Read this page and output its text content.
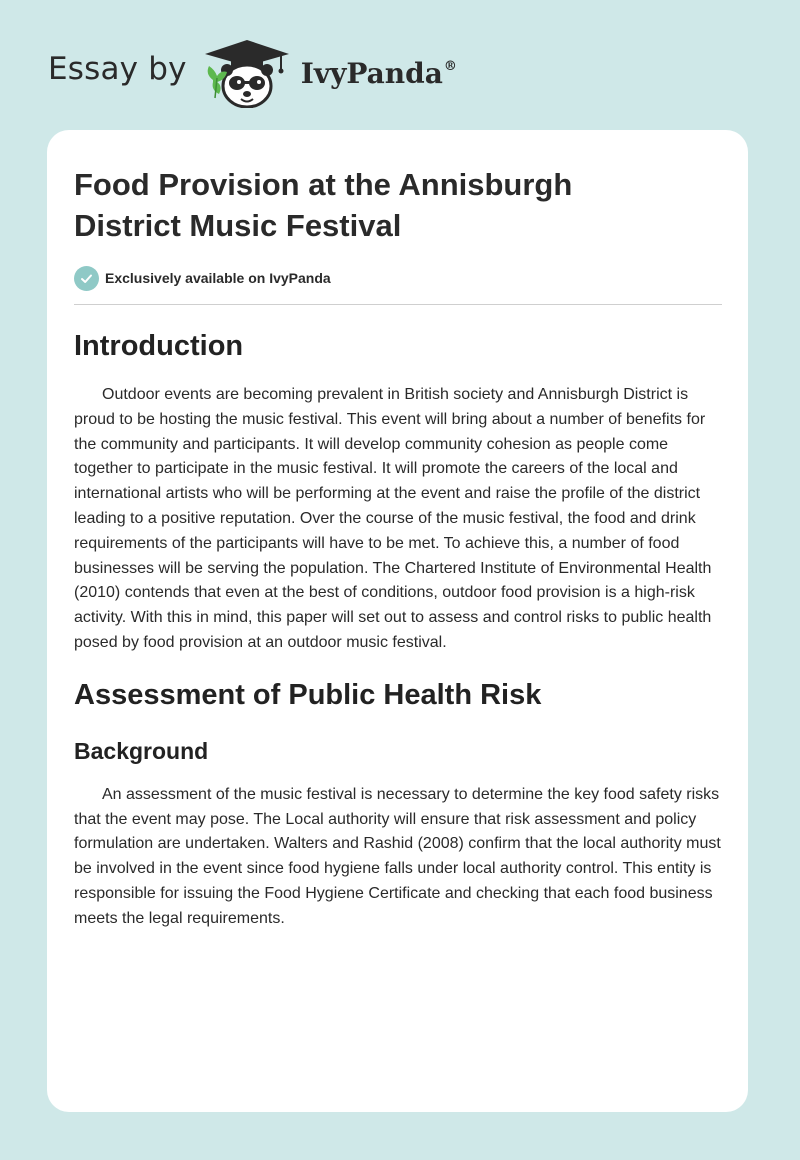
Essay by	IvyPanda®
Food Provision at the Annisburgh District Music Festival
Exclusively available on IvyPanda
Introduction

Outdoor events are becoming prevalent in British society and Annisburgh District is proud to be hosting the music festival. This event will bring about a number of benefits for the community and participants. It will develop community cohesion as people come together to participate in the music festival. It will promote the careers of the local and international artists who will be performing at the event and raise the profile of the district leading to a positive reputation. Over the course of the music festival, the food and drink requirements of the participants will have to be met. To achieve this, a number of food businesses will be serving the population. The Chartered Institute of Environmental Health (2010) contends that even at the best of conditions, outdoor food provision is a high-risk activity. With this in mind, this paper will set out to assess and control risks to public health posed by food provision at an outdoor music festival.

Assessment of Public Health Risk
Background

An assessment of the music festival is necessary to determine the key food safety risks that the event may pose. The Local authority will ensure that risk assessment and policy formulation are undertaken. Walters and Rashid (2008) confirm that the local authority must be involved in the event since food hygiene falls under local authority control. This entity is responsible for issuing the Food Hygiene Certificate and checking that each food business meets the legal requirements.
